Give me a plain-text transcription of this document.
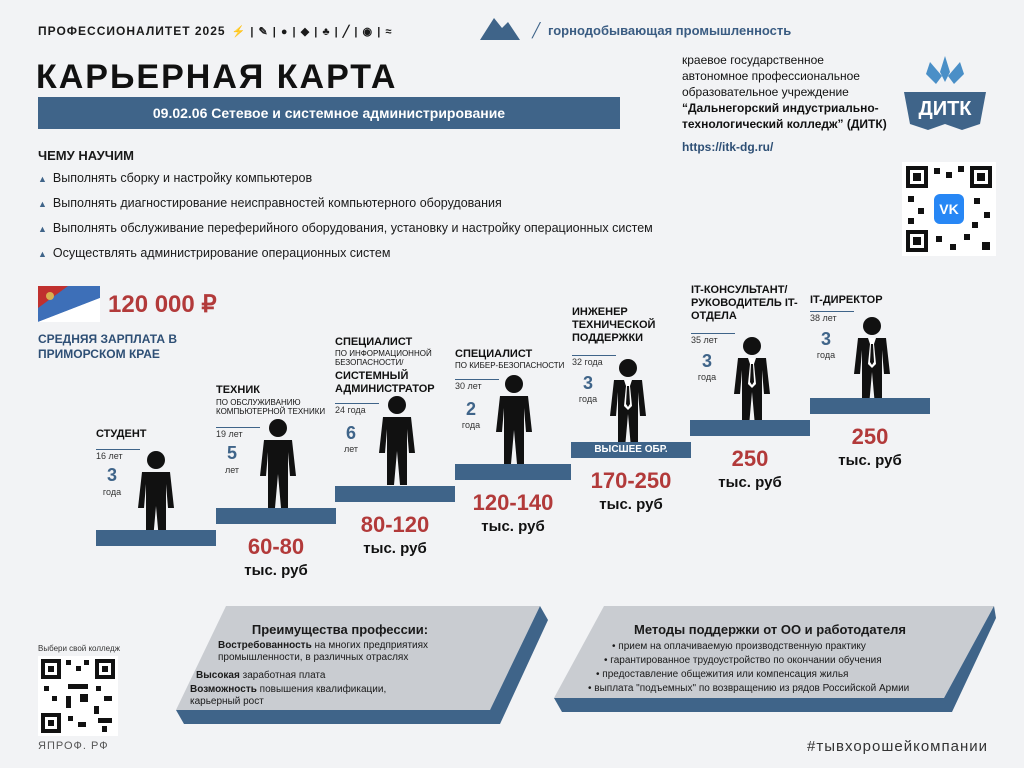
ПРОФЕССИОНАЛИТЕТ 2025 ⚡ | ✎ | ● | ◆ | ♣ | ╱ | ◉ | ≈	╱ горнодобывающая промышленность
КАРЬЕРНАЯ КАРТА
09.02.06 Сетевое и системное администрирование
краевое государственное
автономное профессиональное
образовательное учреждение
“Дальнегорский индустриально-технологический колледж” (ДИТК)
https://itk-dg.ru/
ДИТК
VK
ЧЕМУ НАУЧИМ
▲ Выполнять сборку и настройку компьютеров
▲ Выполнять диагностирование неисправностей компьютерного оборудования
▲ Выполнять обслуживание переферийного оборудования, установку и настройку операционных систем
▲ Осуществлять администрирование операционных систем
120 000 ₽
СРЕДНЯЯ ЗАРПЛАТА В ПРИМОРСКОМ КРАЕ
СТУДЕНТ
16 лет
3
года
ТЕХНИК
ПО ОБСЛУЖИВАНИЮ КОМПЬЮТЕРНОЙ ТЕХНИКИ
19 лет
5
лет
60-80
тыс. руб
СПЕЦИАЛИСТ
ПО ИНФОРМАЦИОННОЙ БЕЗОПАСНОСТИ/
СИСТЕМНЫЙ АДМИНИСТРАТОР
24 года
6
лет
80-120
тыс. руб
СПЕЦИАЛИСТ
ПО КИБЕР-БЕЗОПАСНОСТИ
30 лет
2
года
120-140
тыс. руб
ИНЖЕНЕР ТЕХНИЧЕСКОЙ ПОДДЕРЖКИ
32 года
3
года
ВЫСШЕЕ ОБР.
170-250
тыс. руб
IT-КОНСУЛЬТАНТ/ РУКОВОДИТЕЛЬ IT-ОТДЕЛА
35 лет
3
года
250
тыс. руб
IT-ДИРЕКТОР
38 лет
3
года
250
тыс. руб
Преимущества профессии:
Востребованность на многих предприятиях промышленности, в различных отраслях
Высокая заработная плата
Возможность повышения квалификации, карьерный рост
Методы поддержки от ОО и работодателя
• прием на оплачиваемую производственную практику
• гарантированное трудоустройство по окончании обучения
• предоставление общежития или компенсация жилья
• выплата "подъемных" по возвращению из рядов Российской Армии
Выбери свой колледж
ЯПРОФ. РФ	#тывхорошейкомпании
